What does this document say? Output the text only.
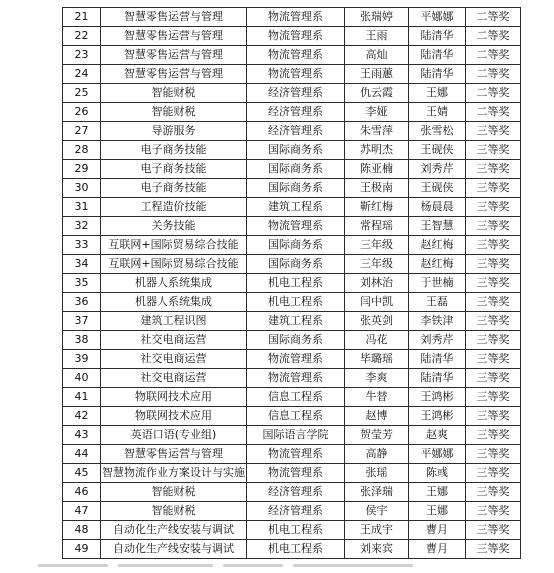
21	智慧零售运营与管理	物流管理系	张瑞婷	平娜娜	二等奖
22	智慧零售运营与管理	物流管理系	王雨	陆清华	二等奖
23	智慧零售运营与管理	物流管理系	高灿	陆清华	二等奖
24	智慧零售运营与管理	物流管理系	王雨蕙	陆清华	二等奖
25	智能财税	经济管理系	仇云霞	王娜	二等奖
26	智能财税	经济管理系	李娅	王婧	二等奖
27	导游服务	经济管理系	朱雪萍	张雪松	三等奖
28	电子商务技能	国际商务系	苏明杰	王砚侠	三等奖
29	电子商务技能	国际商务系	陈亚楠	刘秀芹	三等奖
30	电子商务技能	国际商务系	王极南	王砚侠	三等奖
31	工程造价技能	建筑工程系	靳红梅	杨晨晨	三等奖
32	关务技能	物流管理系	常程瑶	王智慧	三等奖
33	互联网+国际贸易综合技能	国际商务系	三年级	赵红梅	三等奖
34	互联网+国际贸易综合技能	国际商务系	三年级	赵红梅	三等奖
35	机器人系统集成	机电工程系	刘林治	于世楠	三等奖
36	机器人系统集成	机电工程系	闫中凯	王磊	三等奖
37	建筑工程识图	建筑工程系	张英剑	李铁津	三等奖
38	社交电商运营	国际商务系	冯花	刘秀芹	三等奖
39	社交电商运营	物流管理系	毕璐瑶	陆清华	三等奖
40	社交电商运营	物流管理系	李爽	陆清华	三等奖
41	物联网技术应用	信息工程系	牛替	王鸿彬	三等奖
42	物联网技术应用	信息工程系	赵博	王鸿彬	三等奖
43	英语口语(专业组)	国际语言学院	贺莹芳	赵爽	三等奖
44	智慧零售运营与管理	物流管理系	高静	平娜娜	三等奖
45	智慧物流作业方案设计与实施	物流管理系	张瑶	陈彧	三等奖
46	智能财税	经济管理系	张泽瑞	王娜	三等奖
47	智能财税	经济管理系	侯宇	王娜	三等奖
48	自动化生产线安装与调试	机电工程系	王成宇	曹月	三等奖
49	自动化生产线安装与调试	机电工程系	刘来宾	曹月	三等奖
